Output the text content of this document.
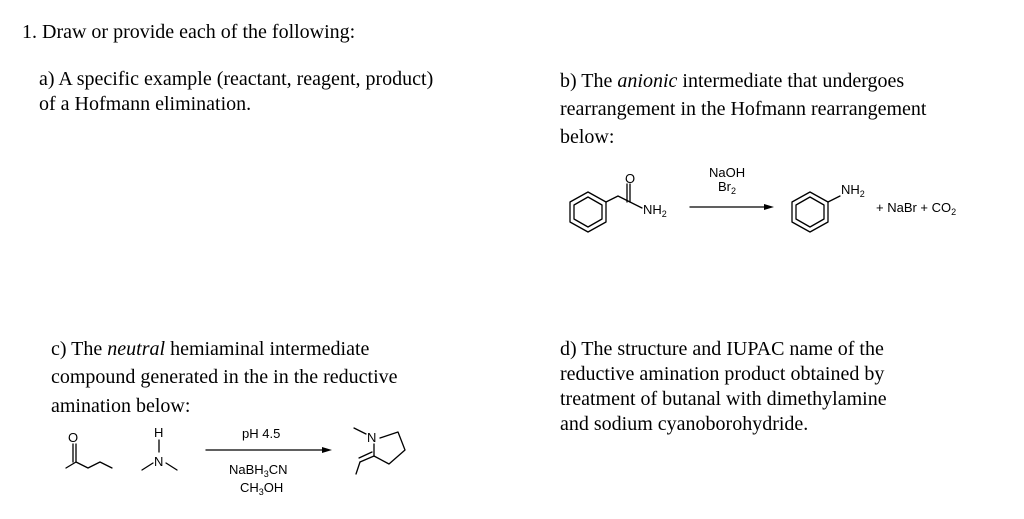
1. Draw or provide each of the following:
a) A specific example (reactant, reagent, product)
of a Hofmann elimination.
b) The anionic intermediate that undergoes
rearrangement in the Hofmann rearrangement
below:
O
$NH_2$
NaOH
$Br_2$	$NH_2$
+ NaBr + $CO_2$
c) The neutral hemiaminal intermediate
compound generated in the in the reductive
amination below:
O	H
N
pH 4.5
NaBH$_3$CN
$CH_3OH$
N
d) The structure and IUPAC name of the
reductive amination product obtained by
treatment of butanal with dimethylamine
and sodium cyanoborohydride.
